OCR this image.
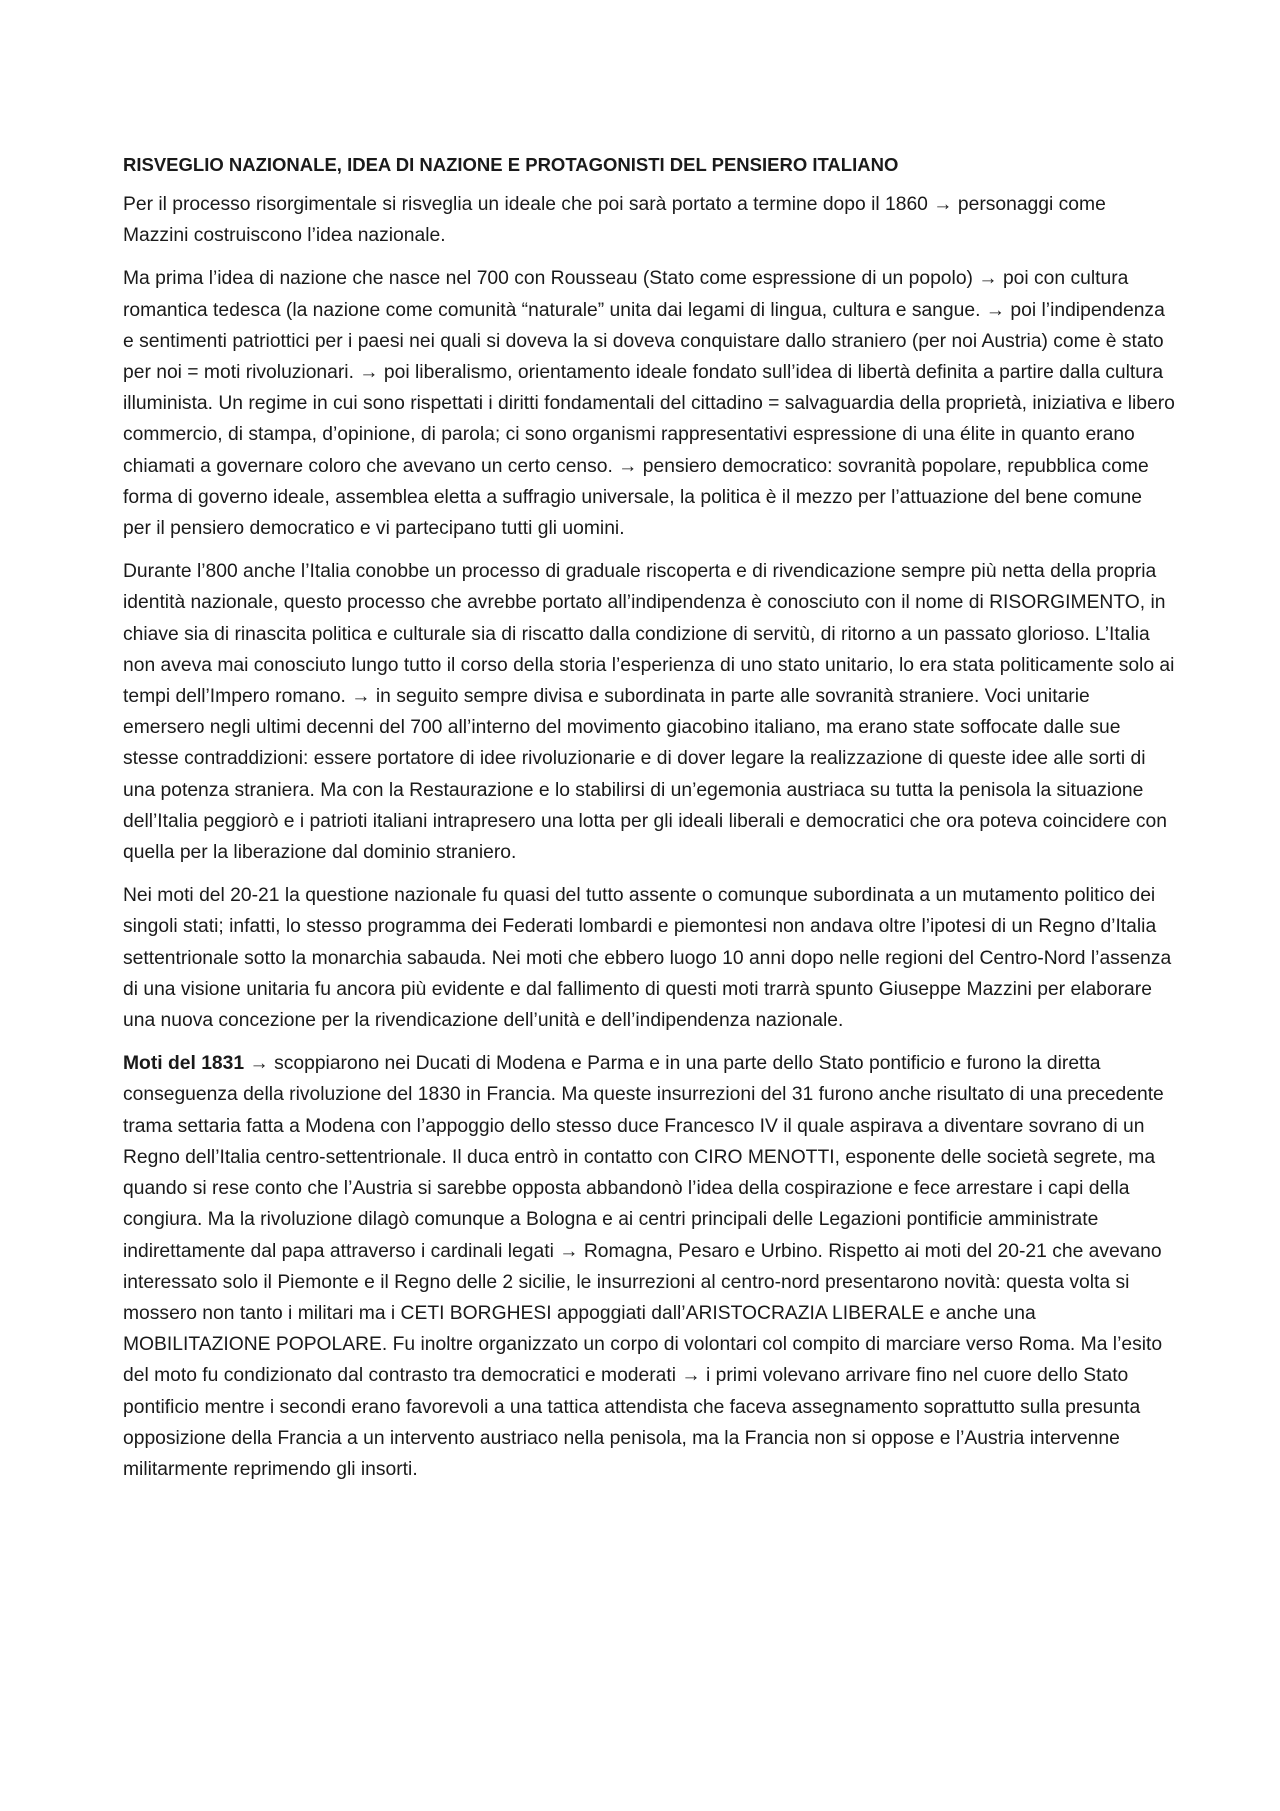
RISVEGLIO NAZIONALE, IDEA DI NAZIONE E PROTAGONISTI DEL PENSIERO ITALIANO

Per il processo risorgimentale si risveglia un ideale che poi sarà portato a termine dopo il 1860 → personaggi come Mazzini costruiscono l’idea nazionale.

Ma prima l’idea di nazione che nasce nel 700 con Rousseau (Stato come espressione di un popolo) → poi con cultura romantica tedesca (la nazione come comunità “naturale” unita dai legami di lingua, cultura e sangue. → poi l’indipendenza e sentimenti patriottici per i paesi nei quali si doveva la si doveva conquistare dallo straniero (per noi Austria) come è stato per noi = moti rivoluzionari. → poi liberalismo, orientamento ideale fondato sull’idea di libertà definita a partire dalla cultura illuminista. Un regime in cui sono rispettati i diritti fondamentali del cittadino = salvaguardia della proprietà, iniziativa e libero commercio, di stampa, d’opinione, di parola; ci sono organismi rappresentativi espressione di una élite in quanto erano chiamati a governare coloro che avevano un certo censo. → pensiero democratico: sovranità popolare, repubblica come forma di governo ideale, assemblea eletta a suffragio universale, la politica è il mezzo per l’attuazione del bene comune per il pensiero democratico e vi partecipano tutti gli uomini.

Durante l’800 anche l’Italia conobbe un processo di graduale riscoperta e di rivendicazione sempre più netta della propria identità nazionale, questo processo che avrebbe portato all’indipendenza è conosciuto con il nome di RISORGIMENTO, in chiave sia di rinascita politica e culturale sia di riscatto dalla condizione di servitù, di ritorno a un passato glorioso. L’Italia non aveva mai conosciuto lungo tutto il corso della storia l’esperienza di uno stato unitario, lo era stata politicamente solo ai tempi dell’Impero romano. → in seguito sempre divisa e subordinata in parte alle sovranità straniere. Voci unitarie emersero negli ultimi decenni del 700 all’interno del movimento giacobino italiano, ma erano state soffocate dalle sue stesse contraddizioni: essere portatore di idee rivoluzionarie e di dover legare la realizzazione di queste idee alle sorti di una potenza straniera. Ma con la Restaurazione e lo stabilirsi di un’egemonia austriaca su tutta la penisola la situazione dell’Italia peggiorò e i patrioti italiani intrapresero una lotta per gli ideali liberali e democratici che ora poteva coincidere con quella per la liberazione dal dominio straniero.

Nei moti del 20-21 la questione nazionale fu quasi del tutto assente o comunque subordinata a un mutamento politico dei singoli stati; infatti, lo stesso programma dei Federati lombardi e piemontesi non andava oltre l’ipotesi di un Regno d’Italia settentrionale sotto la monarchia sabauda. Nei moti che ebbero luogo 10 anni dopo nelle regioni del Centro-Nord l’assenza di una visione unitaria fu ancora più evidente e dal fallimento di questi moti trarrà spunto Giuseppe Mazzini per elaborare una nuova concezione per la rivendicazione dell’unità e dell’indipendenza nazionale.

Moti del 1831 → scoppiarono nei Ducati di Modena e Parma e in una parte dello Stato pontificio e furono la diretta conseguenza della rivoluzione del 1830 in Francia. Ma queste insurrezioni del 31 furono anche risultato di una precedente trama settaria fatta a Modena con l’appoggio dello stesso duce Francesco IV il quale aspirava a diventare sovrano di un Regno dell’Italia centro-settentrionale. Il duca entrò in contatto con CIRO MENOTTI, esponente delle società segrete, ma quando si rese conto che l’Austria si sarebbe opposta abbandonò l’idea della cospirazione e fece arrestare i capi della congiura. Ma la rivoluzione dilagò comunque a Bologna e ai centri principali delle Legazioni pontificie amministrate indirettamente dal papa attraverso i cardinali legati → Romagna, Pesaro e Urbino. Rispetto ai moti del 20-21 che avevano interessato solo il Piemonte e il Regno delle 2 sicilie, le insurrezioni al centro-nord presentarono novità: questa volta si mossero non tanto i militari ma i CETI BORGHESI appoggiati dall’ARISTOCRAZIA LIBERALE e anche una MOBILITAZIONE POPOLARE. Fu inoltre organizzato un corpo di volontari col compito di marciare verso Roma. Ma l’esito del moto fu condizionato dal contrasto tra democratici e moderati → i primi volevano arrivare fino nel cuore dello Stato pontificio mentre i secondi erano favorevoli a una tattica attendista che faceva assegnamento soprattutto sulla presunta opposizione della Francia a un intervento austriaco nella penisola, ma la Francia non si oppose e l’Austria intervenne militarmente reprimendo gli insorti.
